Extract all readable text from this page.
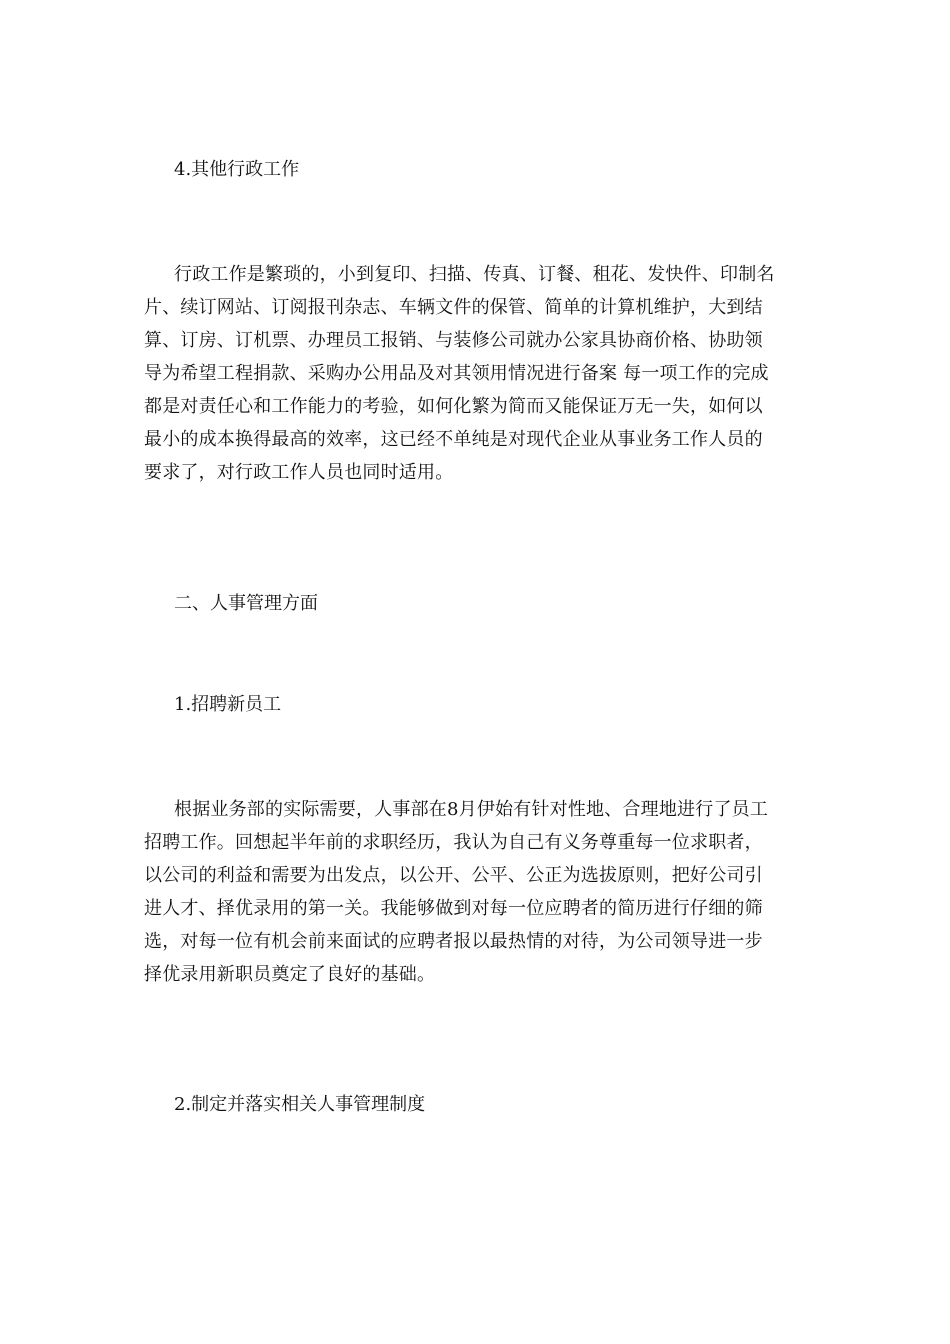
4.其他行政工作
行政工作是繁琐的，小到复印、扫描、传真、订餐、租花、发快件、印制名
片、续订网站、订阅报刊杂志、车辆文件的保管、简单的计算机维护，大到结
算、订房、订机票、办理员工报销、与装修公司就办公家具协商价格、协助领
导为希望工程捐款、采购办公用品及对其领用情况进行备案 每一项工作的完成
都是对责任心和工作能力的考验，如何化繁为简而又能保证万无一失，如何以
最小的成本换得最高的效率，这已经不单纯是对现代企业从事业务工作人员的
要求了，对行政工作人员也同时适用。
二、人事管理方面
1.招聘新员工
根据业务部的实际需要，人事部在8月伊始有针对性地、合理地进行了员工
招聘工作。回想起半年前的求职经历，我认为自己有义务尊重每一位求职者，
以公司的利益和需要为出发点，以公开、公平、公正为选拔原则，把好公司引
进人才、择优录用的第一关。我能够做到对每一位应聘者的简历进行仔细的筛
选，对每一位有机会前来面试的应聘者报以最热情的对待，为公司领导进一步
择优录用新职员奠定了良好的基础。
2.制定并落实相关人事管理制度
